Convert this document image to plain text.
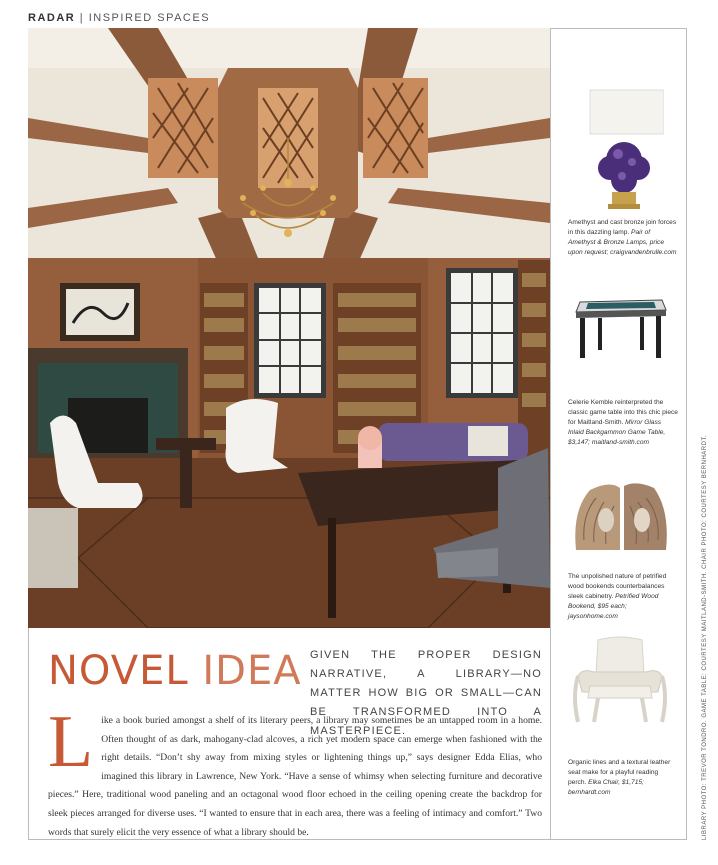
RADAR | INSPIRED SPACES
Amethyst and cast bronze join forces in this dazzling lamp. Pair of Amethyst & Bronze Lamps, price upon request; craigvandenbrulle.com
Celerie Kemble reinterpreted the classic game table into this chic piece for Maitland-Smith. Mirror Glass Inlaid Backgammon Game Table, $3,147; maitland-smith.com
The unpolished nature of petrified wood bookends counterbalances sleek cabinetry. Petrified Wood Bookend, $95 each; jaysonhome.com
Organic lines and a textural leather seat make for a playful reading perch. Elka Chair, $1,715; bernhardt.com	LIBRARY PHOTO: TREVOR TONDRO. GAME TABLE: COURTESY MAITLAND-SMITH. CHAIR PHOTO: COURTESY BERNHARDT.
NOVEL IDEA GIVEN THE PROPER DESIGN NARRATIVE, A LIBRARY—NO MATTER HOW BIG OR SMALL—CAN BE TRANSFORMED INTO A MASTERPIECE.
L ike a book buried amongst a shelf of its literary peers, a library may sometimes be an untapped room in a home. Often thought of as dark, mahogany-clad alcoves, a rich yet modern space can emerge when fashioned with the right details. “Don’t shy away from mixing styles or lightening things up,” says designer Edda Elias, who imagined this library in Lawrence, New York. “Have a sense of whimsy when selecting furniture and decorative pieces.” Here, traditional wood paneling and an octagonal wood floor echoed in the ceiling opening create the backdrop for sleek pieces arranged for diverse uses. “I wanted to ensure that in each area, there was a feeling of intimacy and comfort.” Two words that surely elicit the very essence of what a library should be.
